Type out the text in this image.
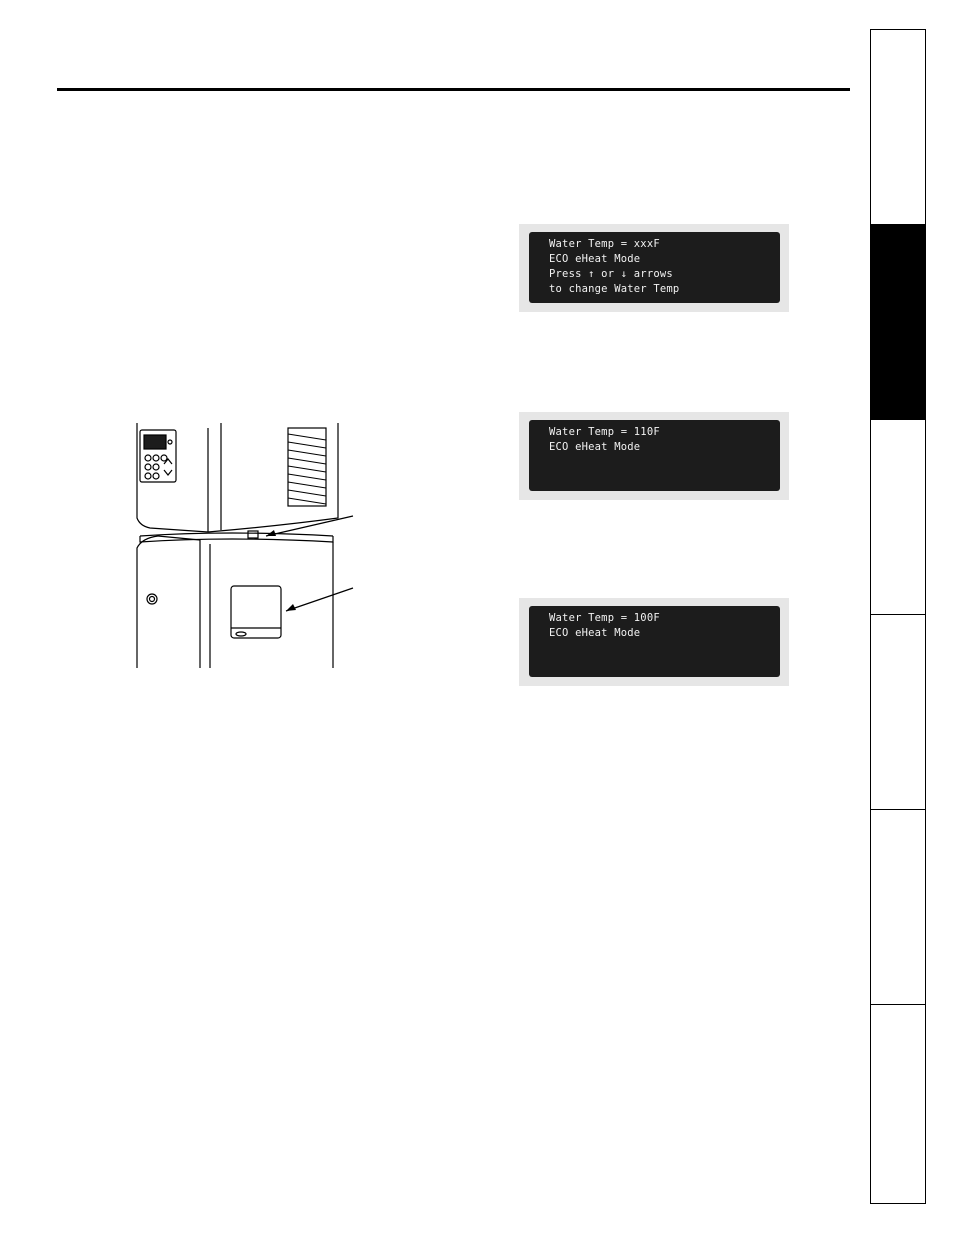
Water Temp = xxxF
ECO eHeat Mode
Press ↑ or ↓ arrows
to change Water Temp
Water Temp = 110F
ECO eHeat Mode
Water Temp = 100F
ECO eHeat Mode
